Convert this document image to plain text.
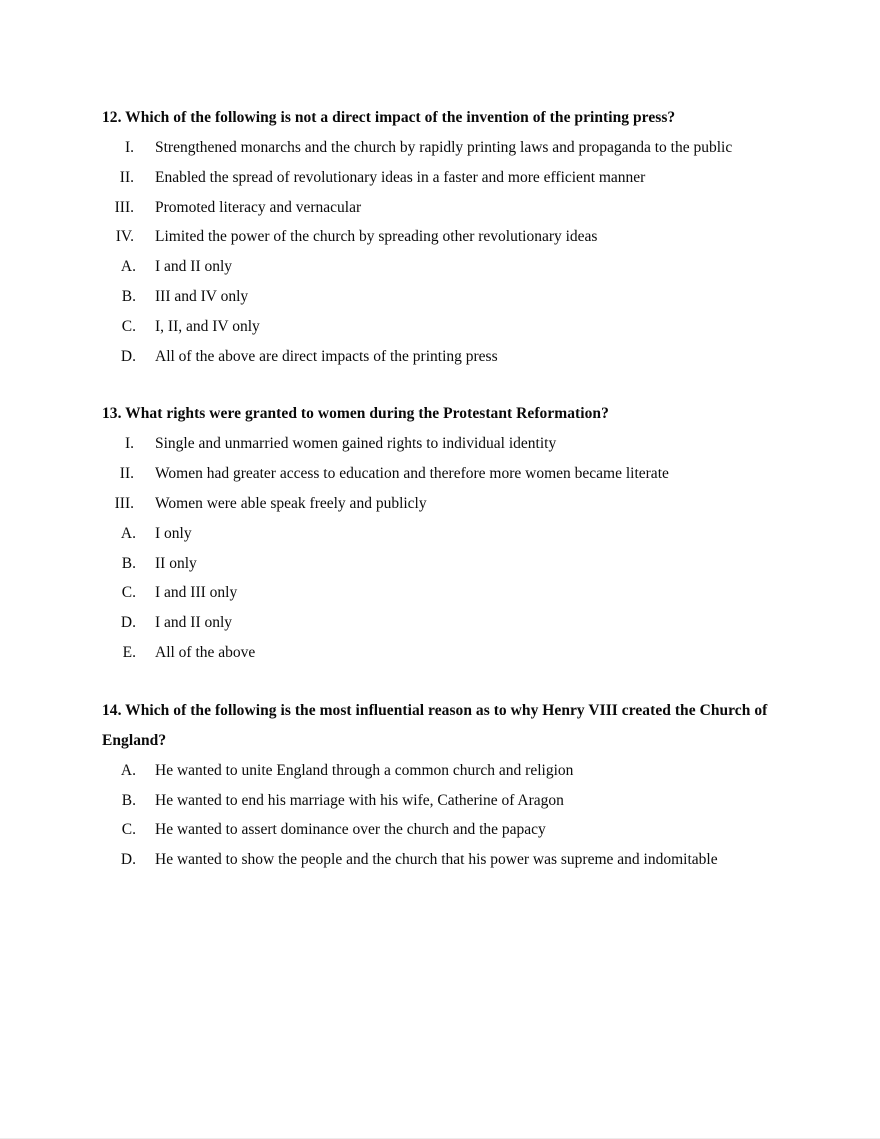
12. Which of the following is not a direct impact of the invention of the printing press?

I. Strengthened monarchs and the church by rapidly printing laws and propaganda to the public
II. Enabled the spread of revolutionary ideas in a faster and more efficient manner
III. Promoted literacy and vernacular
IV. Limited the power of the church by spreading other revolutionary ideas
A. I and II only
B. III and IV only
C. I, II, and IV only
D. All of the above are direct impacts of the printing press

13. What rights were granted to women during the Protestant Reformation?

I. Single and unmarried women gained rights to individual identity
II. Women had greater access to education and therefore more women became literate
III. Women were able speak freely and publicly
A. I only
B. II only
C. I and III only
D. I and II only
E. All of the above

14. Which of the following is the most influential reason as to why Henry VIII created the Church of England?

A. He wanted to unite England through a common church and religion
B. He wanted to end his marriage with his wife, Catherine of Aragon
C. He wanted to assert dominance over the church and the papacy
D. He wanted to show the people and the church that his power was supreme and indomitable
